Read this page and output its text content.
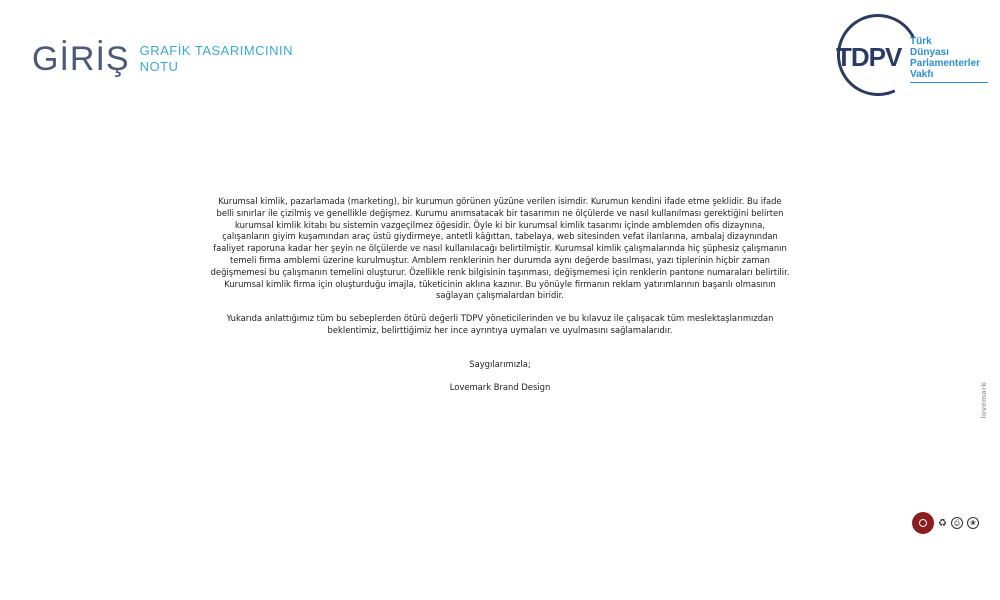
GİRİŞ GRAFİK TASARIMCININ
NOTU	TDPV
Türk
Dünyası
Parlamenterler
Vakfı

Kurumsal kimlik, pazarlamada (marketing), bir kurumun görünen yüzüne verilen isimdir. Kurumun kendini ifade etme şeklidir. Bu ifade belli sınırlar ile çizilmiş ve genellikle değişmez. Kurumu anımsatacak bir tasarımın ne ölçülerde ve nasıl kullanılması gerektiğini belirten kurumsal kimlik kitabı bu sistemin vazgeçilmez öğesidir. Öyle ki bir kurumsal kimlik tasarımı içinde amblemden ofis dizaynına, çalışanların giyim kuşamından araç üstü giydirmeye, antetli kâğıttan, tabelaya, web sitesinden vefat ilanlarına, ambalaj dizaynından faaliyet raporuna kadar her şeyin ne ölçülerde ve nasıl kullanılacağı belirtilmiştir. Kurumsal kimlik çalışmalarında hiç şüphesiz çalışmanın temeli firma amblemi üzerine kurulmuştur. Amblem renklerinin her durumda aynı değerde basılması, yazı tiplerinin hiçbir zaman değişmemesi bu çalışmanın temelini oluşturur. Özellikle renk bilgisinin taşınması, değişmemesi için renklerin pantone numaraları belirtilir. Kurumsal kimlik firma için oluşturduğu imajla, tüketicinin aklına kazınır. Bu yönüyle firmanın reklam yatırımlarının başarılı olmasının sağlayan çalışmalardan biridir.

Yukarıda anlattığımız tüm bu sebeplerden ötürü değerli TDPV yöneticilerinden ve bu kılavuz ile çalışacak tüm meslektaşlarımızdan beklentimiz, belirttiğimiz her ince ayrıntıya uymaları ve uyulmasını sağlamalarıdır.

Saygılarımızla;

Lovemark Brand Design	lovemark
♻	⎙	❀
